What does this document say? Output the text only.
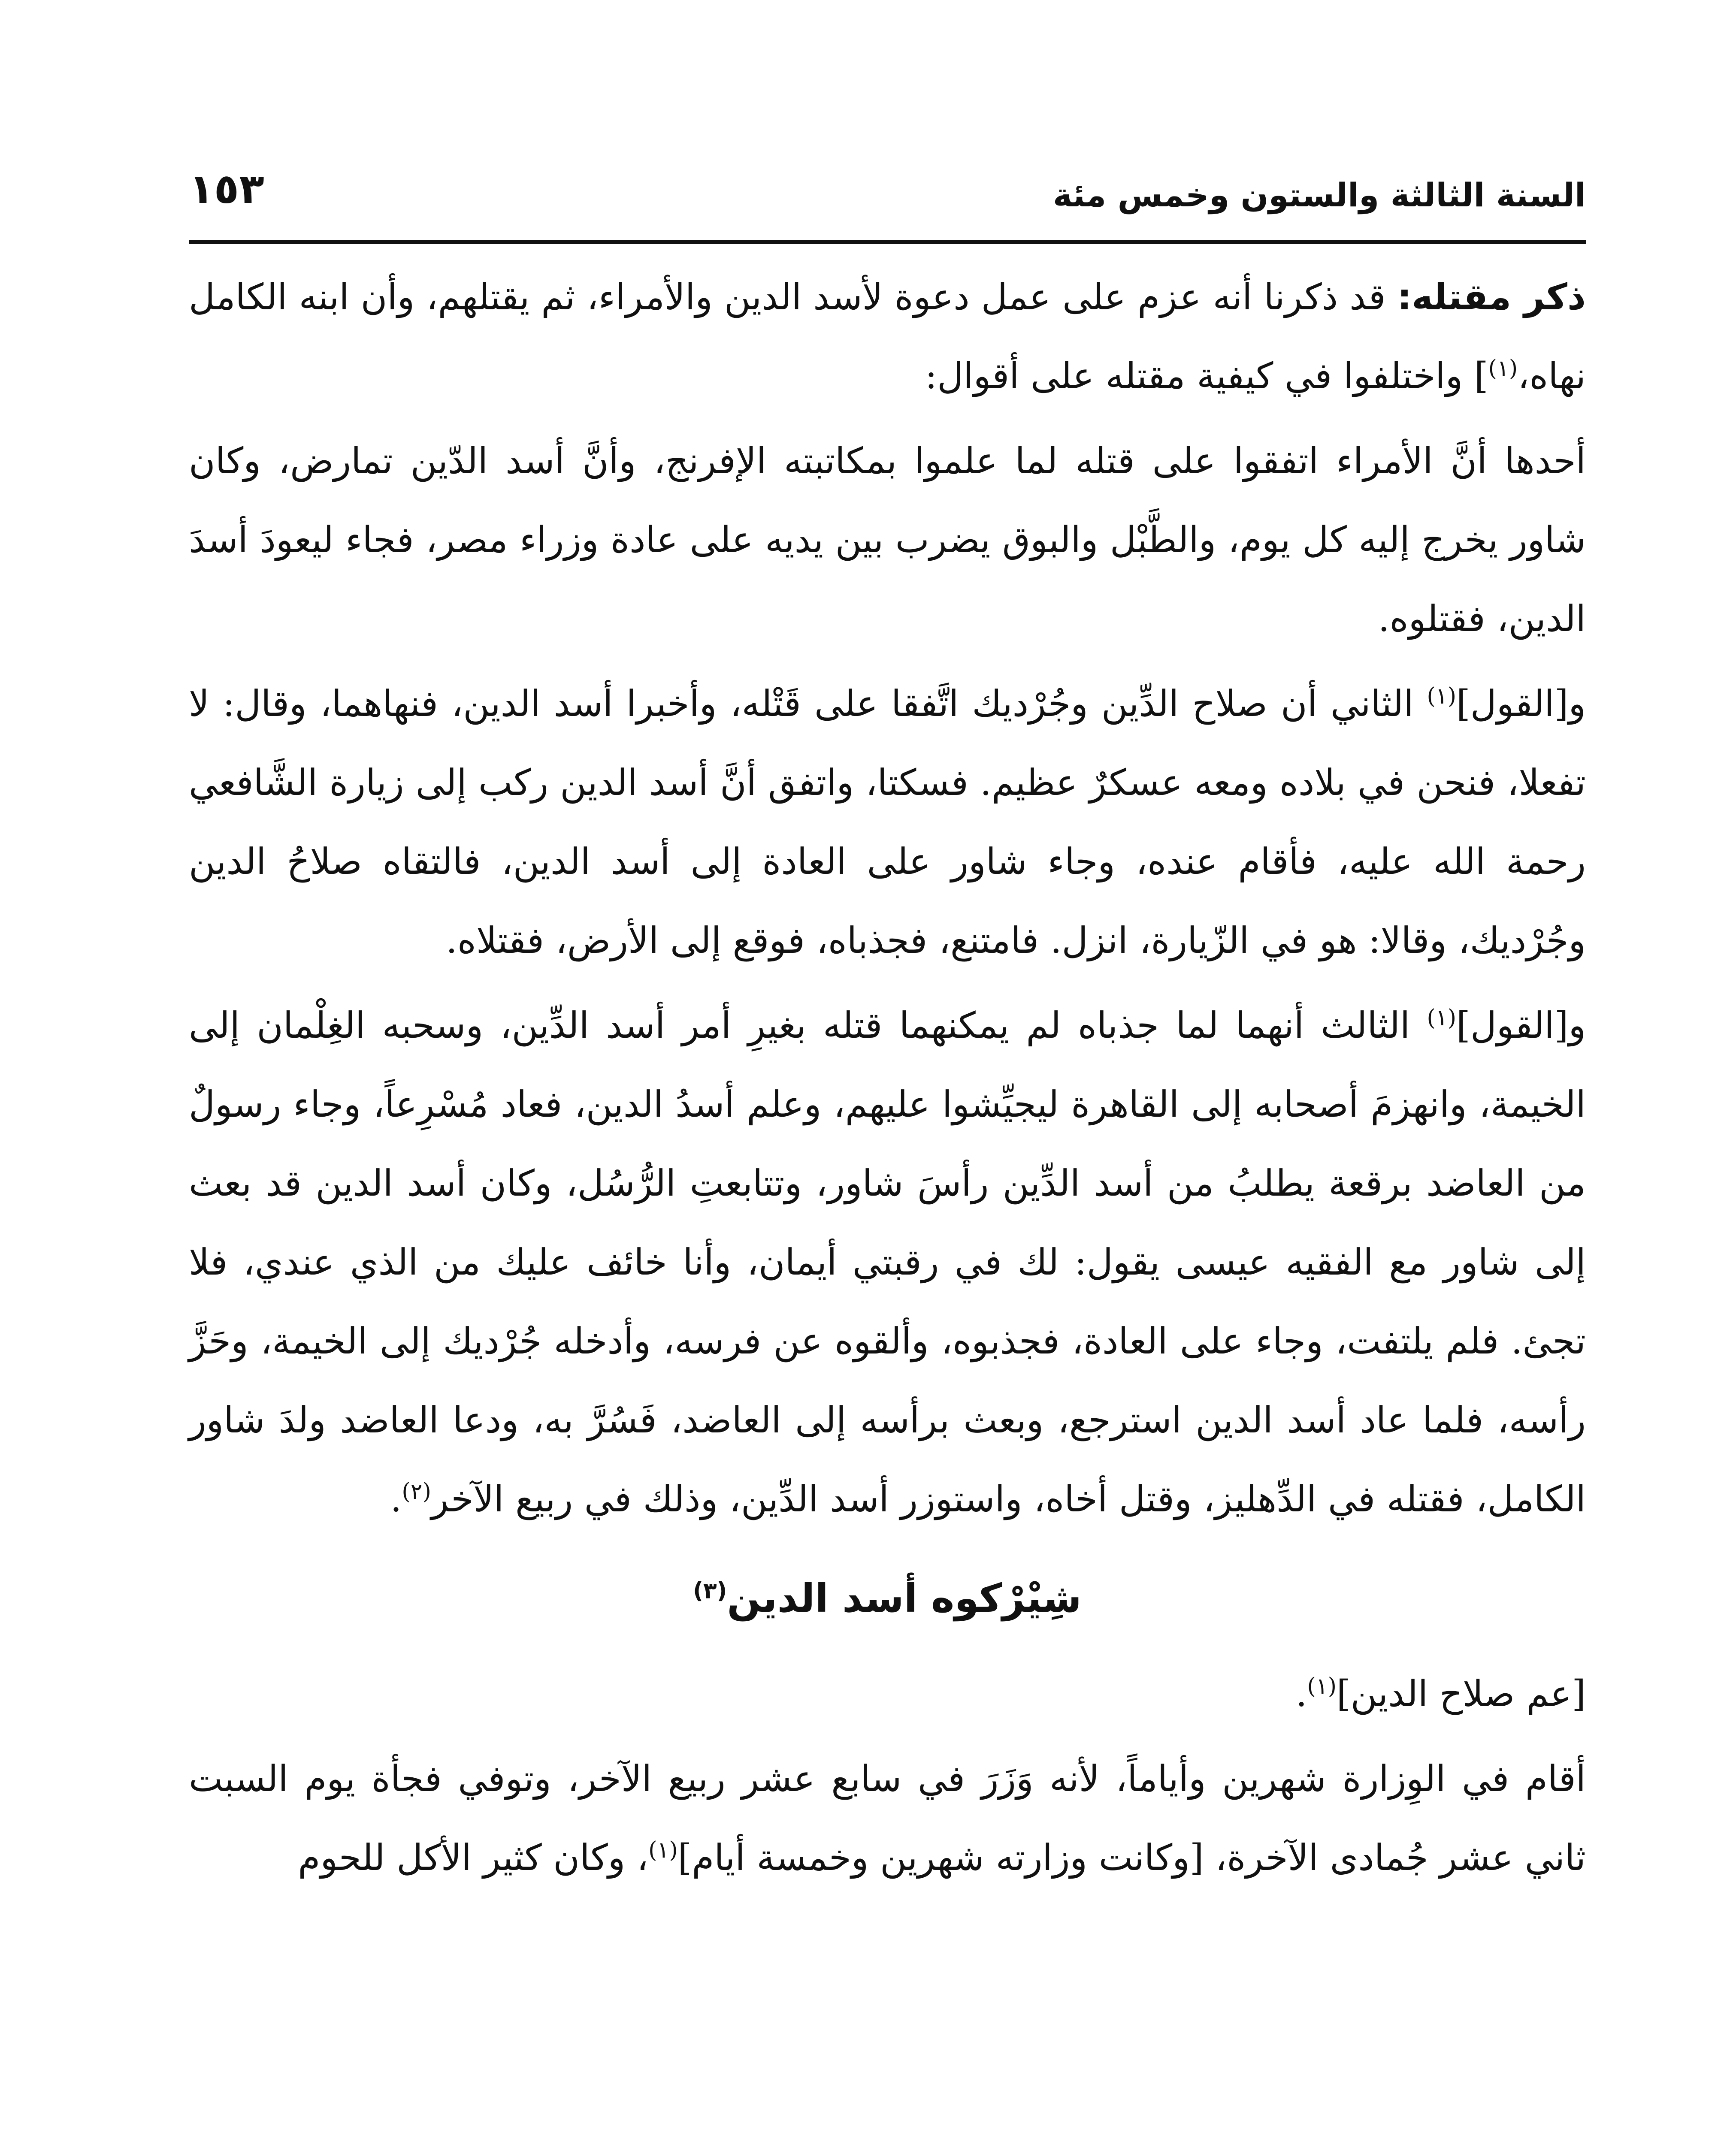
السنة الثالثة والستون وخمس مئة
١٥٣

ذكر مقتله: قد ذكرنا أنه عزم على عمل دعوة لأسد الدين والأمراء، ثم يقتلهم، وأن ابنه الكامل نهاه،$^{(١)}$] واختلفوا في كيفية مقتله على أقوال:

أحدها أنَّ الأمراء اتفقوا على قتله لما علموا بمكاتبته الإفرنج، وأنَّ أسد الدّين تمارض، وكان شاور يخرج إليه كل يوم، والطَّبْل والبوق يضرب بين يديه على عادة وزراء مصر، فجاء ليعودَ أسدَ الدين، فقتلوه.

و[القول]$^{(١)}$ الثاني أن صلاح الدِّين وجُرْديك اتَّفقا على قَتْله، وأخبرا أسد الدين، فنهاهما، وقال: لا تفعلا، فنحن في بلاده ومعه عسكرٌ عظيم. فسكتا، واتفق أنَّ أسد الدين ركب إلى زيارة الشَّافعي رحمة الله عليه، فأقام عنده، وجاء شاور على العادة إلى أسد الدين، فالتقاه صلاحُ الدين وجُرْديك، وقالا: هو في الزّيارة، انزل. فامتنع، فجذباه، فوقع إلى الأرض، فقتلاه.

و[القول]$^{(١)}$ الثالث أنهما لما جذباه لم يمكنهما قتله بغيرِ أمر أسد الدِّين، وسحبه الغِلْمان إلى الخيمة، وانهزمَ أصحابه إلى القاهرة ليجيِّشوا عليهم، وعلم أسدُ الدين، فعاد مُسْرِعاً، وجاء رسولٌ من العاضد برقعة يطلبُ من أسد الدِّين رأسَ شاور، وتتابعتِ الرُّسُل، وكان أسد الدين قد بعث إلى شاور مع الفقيه عيسى يقول: لك في رقبتي أيمان، وأنا خائف عليك من الذي عندي، فلا تجئ. فلم يلتفت، وجاء على العادة، فجذبوه، وألقوه عن فرسه، وأدخله جُرْديك إلى الخيمة، وحَزَّ رأسه، فلما عاد أسد الدين استرجع، وبعث برأسه إلى العاضد، فَسُرَّ به، ودعا العاضد ولدَ شاور الكامل، فقتله في الدِّهليز، وقتل أخاه، واستوزر أسد الدِّين، وذلك في ربيع الآخر$^{(٢)}$.

شِيْرْكوه أسد الدين$^{(٣)}$

[عم صلاح الدين]$^{(١)}$.

أقام في الوِزارة شهرين وأياماً، لأنه وَزَرَ في سابع عشر ربيع الآخر، وتوفي فجأة يوم السبت ثاني عشر جُمادى الآخرة، [وكانت وزارته شهرين وخمسة أيام]$^{(١)}$، وكان كثير الأكل للحوم
